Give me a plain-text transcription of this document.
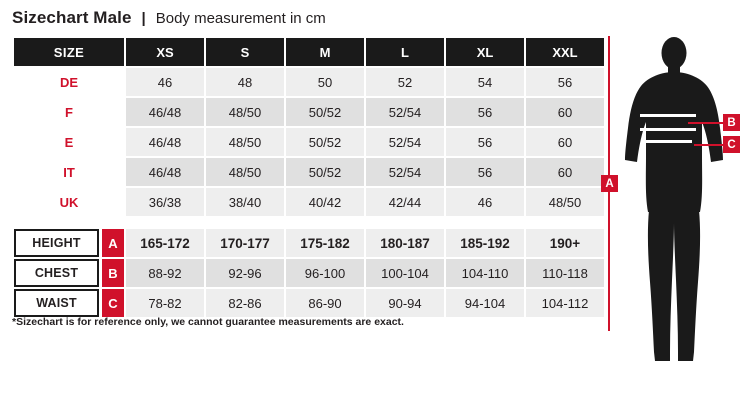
Sizechart Male | Body measurement in cm
SIZE	XS	S	M	L	XL	XXL
DE	46	48	50	52	54	56
F	46/48	48/50	50/52	52/54	56	60
E	46/48	48/50	50/52	52/54	56	60
IT	46/48	48/50	50/52	52/54	56	60
UK	36/38	38/40	40/42	42/44	46	48/50

HEIGHT A	165-172	170-177	175-182	180-187	185-192	190+

CHEST B	88-92	92-96	96-100	100-104	104-110	110-118

WAIST C	78-82	82-86	86-90	90-94	94-104	104-112
*Sizechart is for reference only, we cannot guarantee measurements are exact.
A
B
C
